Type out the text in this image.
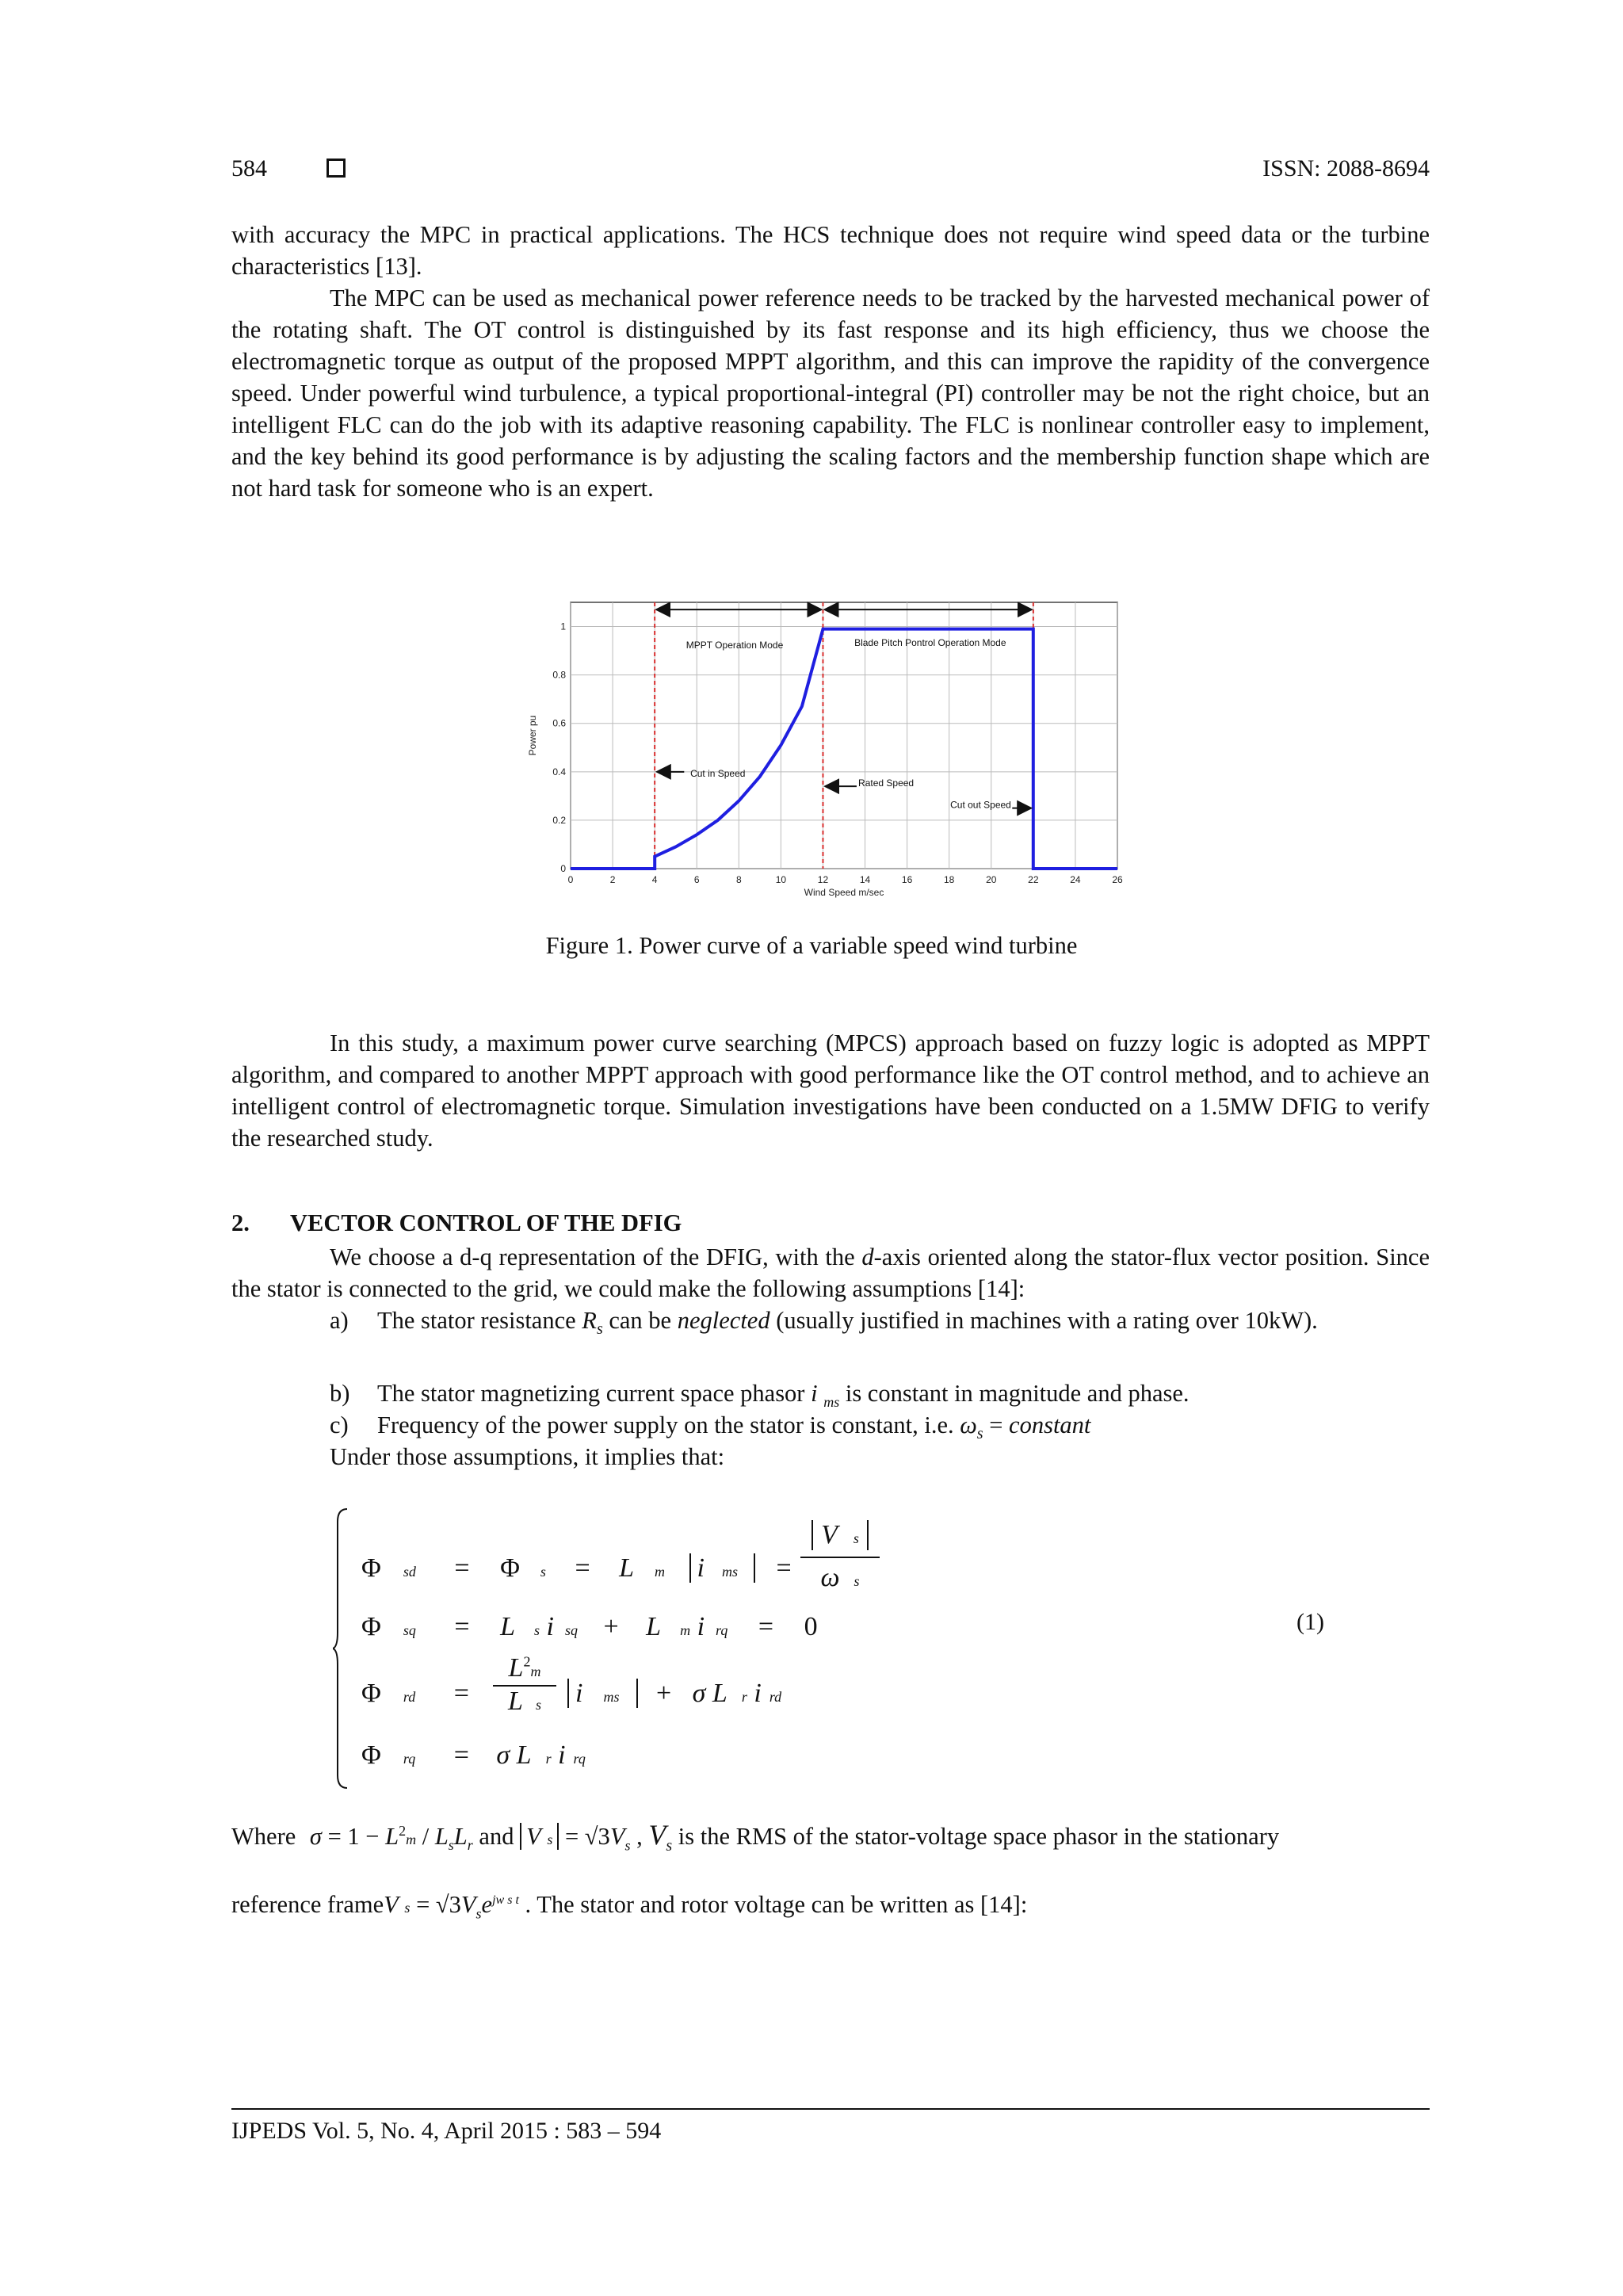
584	ISSN: 2088-8694
with accuracy the MPC in practical applications. The HCS technique does not require wind speed data or the turbine characteristics [13].
The MPC can be used as mechanical power reference needs to be tracked by the harvested mechanical power of the rotating shaft. The OT control is distinguished by its fast response and its high efficiency, thus we choose the electromagnetic torque as output of the proposed MPPT algorithm, and this can improve the rapidity of the convergence speed. Under powerful wind turbulence, a typical proportional-integral (PI) controller may be not the right choice, but an intelligent FLC can do the job with its adaptive reasoning capability. The FLC is nonlinear controller easy to implement, and the key behind its good performance is by adjusting the scaling factors and the membership function shape which are not hard task for someone who is an expert.
0	2	4	6	8	10	12	14	16	18	20	22	24	26
0
0.2
0.4
0.6
0.8
1
Wind Speed m/sec
Power pu
MPPT Operation Mode	Blade Pitch Pontrol Operation Mode
Cut in Speed
Rated Speed
Cut out Speed
Figure 1. Power curve of a variable speed wind turbine
In this study, a maximum power curve searching (MPCS) approach based on fuzzy logic is adopted as MPPT algorithm, and compared to another MPPT approach with good performance like the OT control method, and to achieve an intelligent control of electromagnetic torque. Simulation investigations have been conducted on a 1.5MW DFIG to verify the researched study.
2. VECTOR CONTROL OF THE DFIG
We choose a d-q representation of the DFIG, with the d-axis oriented along the stator-flux vector position. Since the stator is connected to the grid, we could make the following assumptions [14]:
a) The stator resistance $R_s$ can be neglected (usually justified in machines with a rating over 10kW).
b) The stator magnetizing current space phasor i $_{ms}$ is constant in magnitude and phase.
c) Frequency of the power supply on the stator is constant, i.e. $\omega_s$ = constant
Under those assumptions, it implies that:
Φ sd = Φ s = L m i ms =
V s
ω s
Φ sq = L s i sq + L m i rq = 0	(1)
Φ rd =
$L^2m$
Ls	i ms + σ L r i rd
Φ rq = σ L r i rq
Where $\sigma = 1 - L^2m / L_sL_r$ and V $s = √3V_s$ , $V_s$ is the RMS of the stator-voltage space phasor in the stationary
reference frameV $s = √3V_se^{jw s t}$ . The stator and rotor voltage can be written as [14]:
IJPEDS Vol. 5, No. 4, April 2015 : 583 – 594
